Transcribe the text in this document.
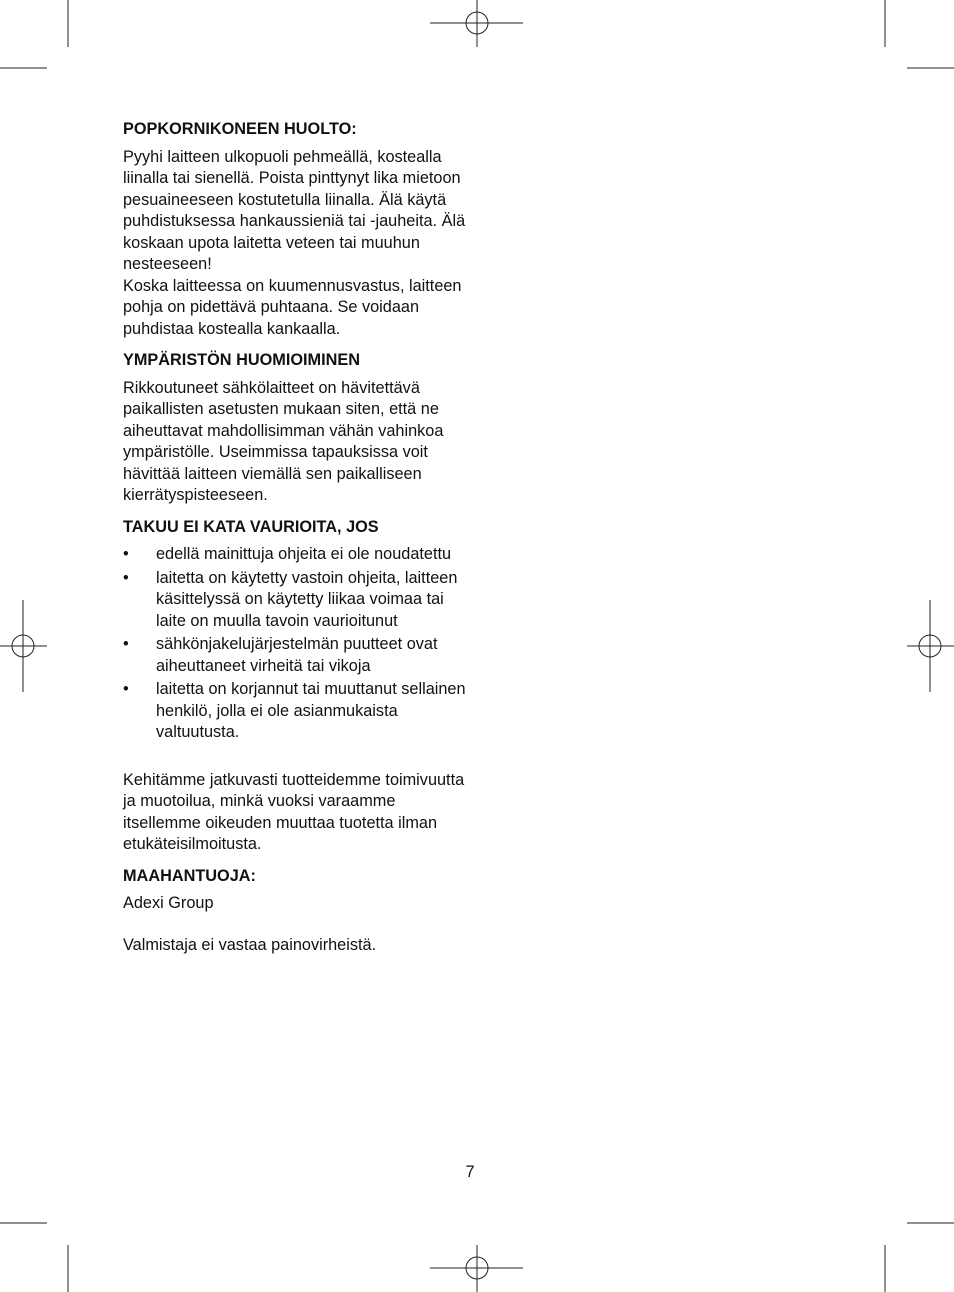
POPKORNIKONEEN HUOLTO:

Pyyhi laitteen ulkopuoli pehmeällä, kostealla liinalla tai sienellä. Poista pinttynyt lika mietoon pesuaineeseen kostutetulla liinalla. Älä käytä puhdistuksessa hankaussieniä tai -jauheita. Älä koskaan upota laitetta veteen tai muuhun nesteeseen!

Koska laitteessa on kuumennusvastus, laitteen pohja on pidettävä puhtaana. Se voidaan puhdistaa kostealla kankaalla.

YMPÄRISTÖN HUOMIOIMINEN

Rikkoutuneet sähkölaitteet on hävitettävä paikallisten asetusten mukaan siten, että ne aiheuttavat mahdollisimman vähän vahinkoa ympäristölle. Useimmissa tapauksissa voit hävittää laitteen viemällä sen paikalliseen kierrätyspisteeseen.

TAKUU EI KATA VAURIOITA, JOS
• edellä mainittuja ohjeita ei ole noudatettu
• laitetta on käytetty vastoin ohjeita, laitteen käsittelyssä on käytetty liikaa voimaa tai laite on muulla tavoin vaurioitunut
• sähkönjakelujärjestelmän puutteet ovat aiheuttaneet virheitä tai vikoja
• laitetta on korjannut tai muuttanut sellainen henkilö, jolla ei ole asianmukaista valtuutusta.

Kehitämme jatkuvasti tuotteidemme toimivuutta ja muotoilua, minkä vuoksi varaamme itsellemme oikeuden muuttaa tuotetta ilman etukäteisilmoitusta.

MAAHANTUOJA:

Adexi Group

Valmistaja ei vastaa painovirheistä.

7
